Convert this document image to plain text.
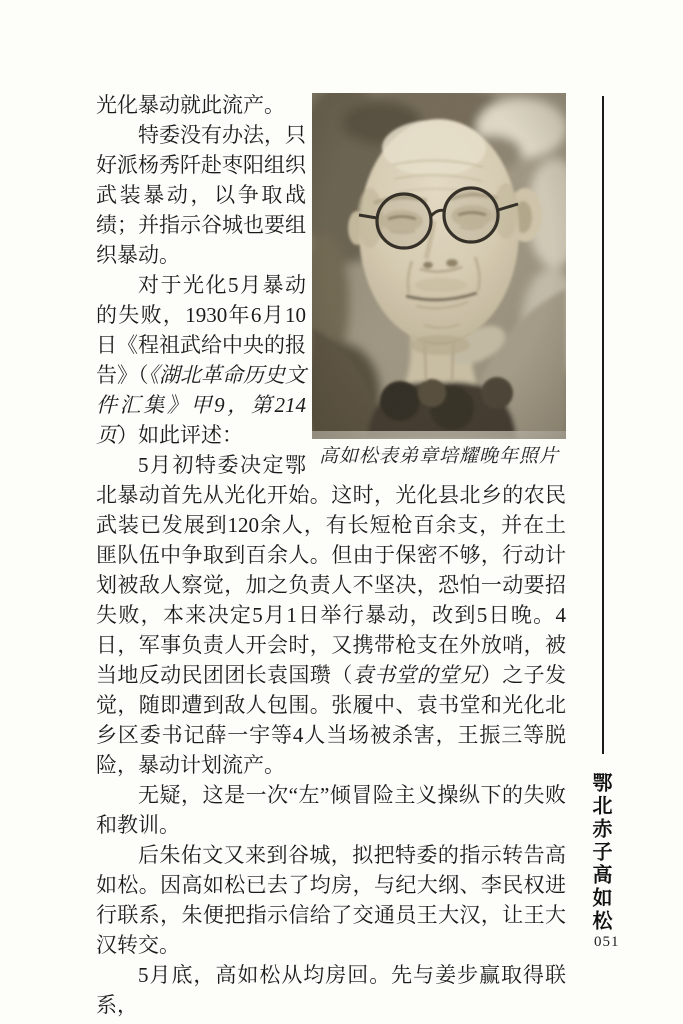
高如松表弟章培耀晚年照片

光化暴动就此流产。

特委没有办法，只好派杨秀阡赴枣阳组织武装暴动，以争取战绩；并指示谷城也要组织暴动。

对于光化5月暴动的失败，1930年6月10日《程祖武给中央的报告》（《湖北革命历史文件汇集》甲9，第214页）如此评述：

5月初特委决定鄂北暴动首先从光化开始。这时，光化县北乡的农民武装已发展到120余人，有长短枪百余支，并在土匪队伍中争取到百余人。但由于保密不够，行动计划被敌人察觉，加之负责人不坚决，恐怕一动要招失败，本来决定5月1日举行暴动，改到5日晚。4日，军事负责人开会时，又携带枪支在外放哨，被当地反动民团团长袁国瓒（袁书堂的堂兄）之子发觉，随即遭到敌人包围。张履中、袁书堂和光化北乡区委书记薛一宇等4人当场被杀害，王振三等脱险，暴动计划流产。

无疑，这是一次“左”倾冒险主义操纵下的失败和教训。

后朱佑文又来到谷城，拟把特委的指示转告高如松。因高如松已去了均房，与纪大纲、李民权进行联系，朱便把指示信给了交通员王大汉，让王大汉转交。

5月底，高如松从均房回。先与姜步赢取得联系，

鄂北赤子高如松
051
